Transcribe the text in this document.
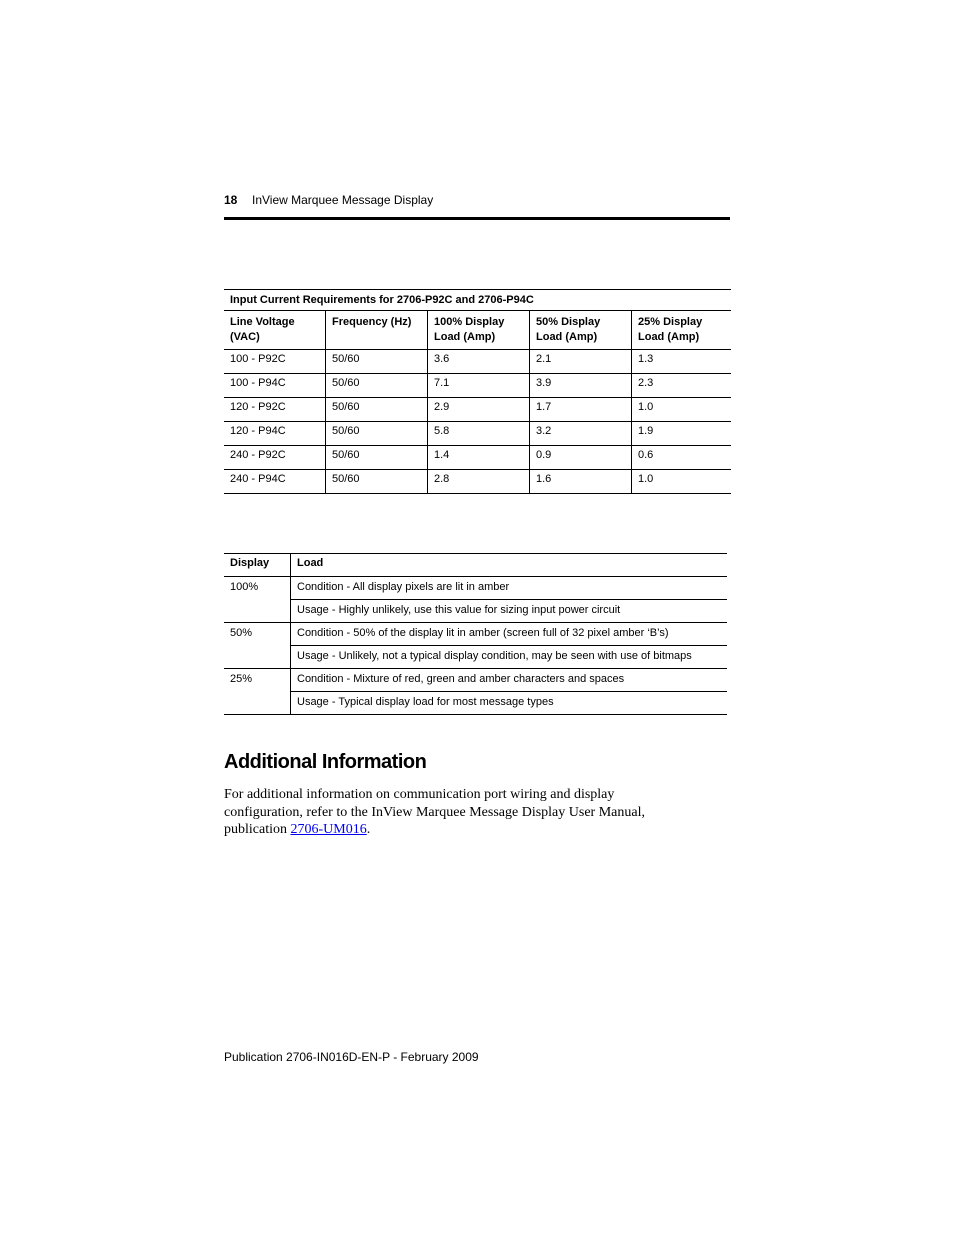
18 InView Marquee Message Display
Input Current Requirements for 2706-P92C and 2706-P94C				
Line Voltage (VAC)	Frequency (Hz)	100% Display Load (Amp)	50% Display Load (Amp)	25% Display Load (Amp)
100 - P92C	50/60	3.6	2.1	1.3
100 - P94C	50/60	7.1	3.9	2.3
120 - P92C	50/60	2.9	1.7	1.0
120 - P94C	50/60	5.8	3.2	1.9
240 - P92C	50/60	1.4	0.9	0.6
240 - P94C	50/60	2.8	1.6	1.0
Display	Load
100%	Condition - All display pixels are lit in amber
	Usage - Highly unlikely, use this value for sizing input power circuit
50%	Condition - 50% of the display lit in amber (screen full of 32 pixel amber ‘B’s)
	Usage - Unlikely, not a typical display condition, may be seen with use of bitmaps
25%	Condition - Mixture of red, green and amber characters and spaces
	Usage - Typical display load for most message types
Additional Information
For additional information on communication port wiring and display configuration, refer to the InView Marquee Message Display User Manual, publication 2706-UM016.
Publication 2706-IN016D-EN-P - February 2009
